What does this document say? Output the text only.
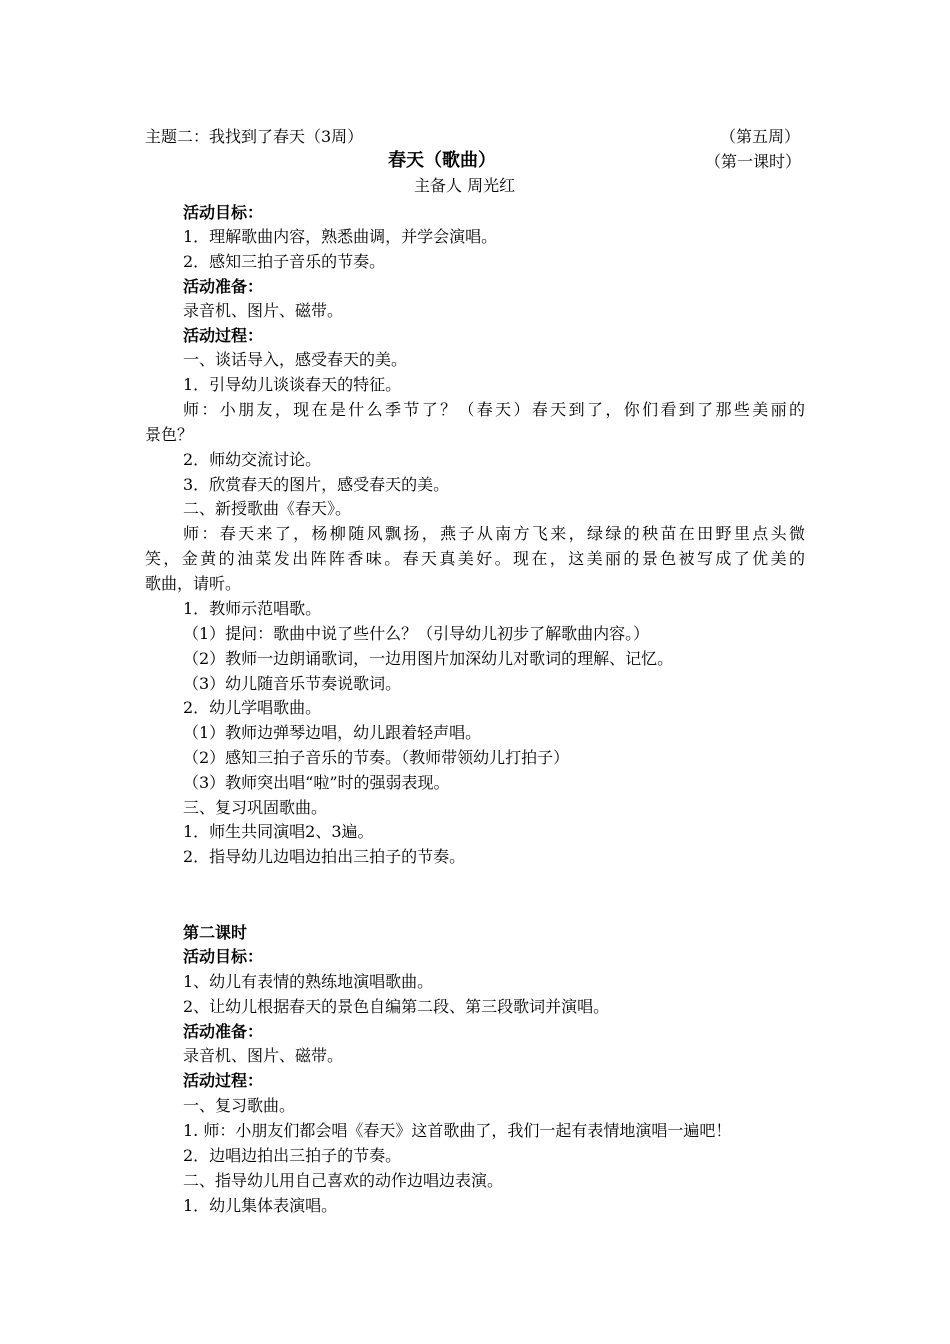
主题二：我找到了春天（3周）	（第五周）
春天（歌曲）	（第一课时）
主备人 周光红
活动目标：
1．理解歌曲内容，熟悉曲调，并学会演唱。
2．感知三拍子音乐的节奏。
活动准备：
录音机、图片、磁带。
活动过程：
一、谈话导入，感受春天的美。
1．引导幼儿谈谈春天的特征。
师：小朋友，现在是什么季节了？（春天）春天到了，你们看到了那些美丽的
景色？
2．师幼交流讨论。
3．欣赏春天的图片，感受春天的美。
二、新授歌曲《春天》。
师：春天来了，杨柳随风飘扬，燕子从南方飞来，绿绿的秧苗在田野里点头微
笑，金黄的油菜发出阵阵香味。春天真美好。现在，这美丽的景色被写成了优美的
歌曲，请听。
1．教师示范唱歌。
（1）提问：歌曲中说了些什么？（引导幼儿初步了解歌曲内容。）
（2）教师一边朗诵歌词，一边用图片加深幼儿对歌词的理解、记忆。
（3）幼儿随音乐节奏说歌词。
2．幼儿学唱歌曲。
（1）教师边弹琴边唱，幼儿跟着轻声唱。
（2）感知三拍子音乐的节奏。（教师带领幼儿打拍子）
（3）教师突出唱“啦”时的强弱表现。
三、复习巩固歌曲。
1．师生共同演唱2、3遍。
2．指导幼儿边唱边拍出三拍子的节奏。
第二课时
活动目标：
1、幼儿有表情的熟练地演唱歌曲。
2、让幼儿根据春天的景色自编第二段、第三段歌词并演唱。
活动准备：
录音机、图片、磁带。
活动过程：
一、复习歌曲。
1. 师：小朋友们都会唱《春天》这首歌曲了，我们一起有表情地演唱一遍吧！
2．边唱边拍出三拍子的节奏。
二、指导幼儿用自己喜欢的动作边唱边表演。
1．幼儿集体表演唱。
